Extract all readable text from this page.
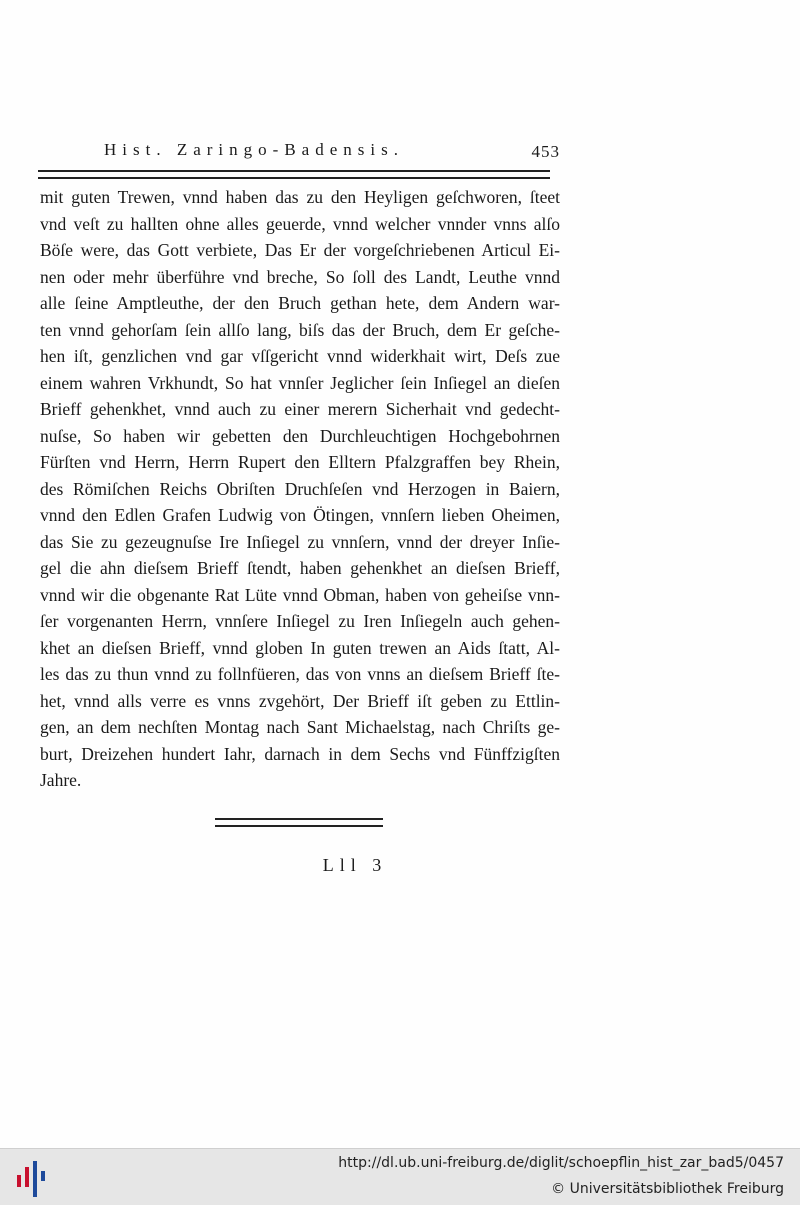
Hist. Zaringo-Badensis.	453
mit guten Trewen, vnnd haben das zu den Heyligen geſchworen, ſteet
vnd veſt zu hallten ohne alles geuerde, vnnd welcher vnnder vnns alſo
Böſe were, das Gott verbiete, Das Er der vorgeſchriebenen Articul Ei-
nen oder mehr überführe vnd breche, So ſoll des Landt, Leuthe vnnd
alle ſeine Amptleuthe, der den Bruch gethan hete, dem Andern war-
ten vnnd gehorſam ſein allſo lang, biſs das der Bruch, dem Er geſche-
hen iſt, genzlichen vnd gar vſſgericht vnnd widerkhait wirt, Deſs zue
einem wahren Vrkhundt, So hat vnnſer Jeglicher ſein Inſiegel an dieſen
Brieff gehenkhet, vnnd auch zu einer merern Sicherhait vnd gedecht-
nuſse, So haben wir gebetten den Durchleuchtigen Hochgebohrnen
Fürſten vnd Herrn, Herrn Rupert den Elltern Pfalzgraffen bey Rhein,
des Römiſchen Reichs Obriſten Druchſeſen vnd Herzogen in Baiern,
vnnd den Edlen Grafen Ludwig von Ötingen, vnnſern lieben Oheimen,
das Sie zu gezeugnuſse Ire Inſiegel zu vnnſern, vnnd der dreyer Inſie-
gel die ahn dieſsem Brieff ſtendt, haben gehenkhet an dieſsen Brieff,
vnnd wir die obgenante Rat Lüte vnnd Obman, haben von geheiſse vnn-
ſer vorgenanten Herrn, vnnſere Inſiegel zu Iren Inſiegeln auch gehen-
khet an dieſsen Brieff, vnnd globen In guten trewen an Aids ſtatt, Al-
les das zu thun vnnd zu follnfüeren, das von vnns an dieſsem Brieff ſte-
het, vnnd alls verre es vnns zvgehört, Der Brieff iſt geben zu Ettlin-
gen, an dem nechſten Montag nach Sant Michaelstag, nach Chriſts ge-
burt, Dreizehen hundert Iahr, darnach in dem Sechs vnd Fünffzigſten
Jahre.
Lll 3
http://dl.ub.uni-freiburg.de/diglit/schoepflin_hist_zar_bad5/0457
© Universitätsbibliothek Freiburg
